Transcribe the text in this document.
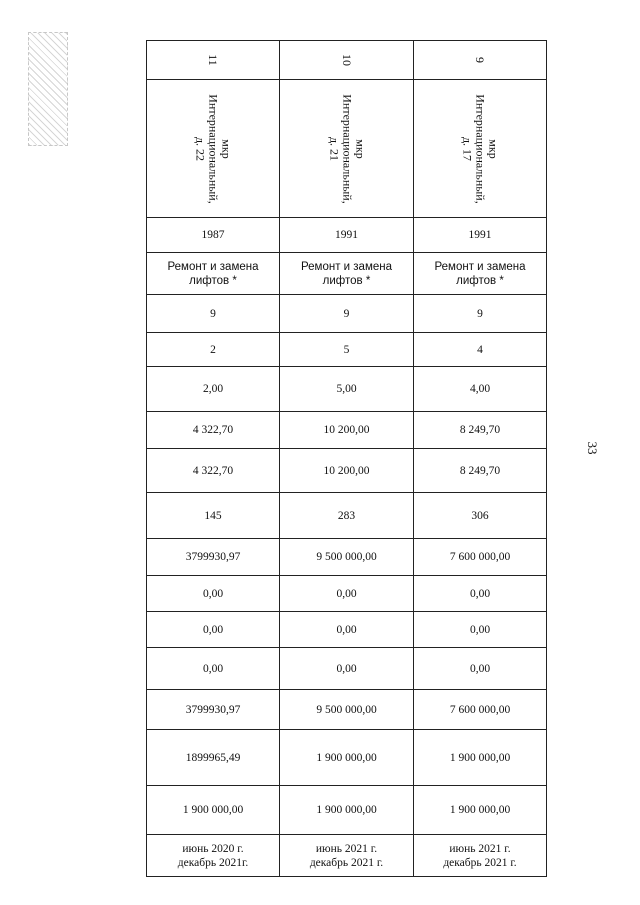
33
11	10	9

мкр
Интернациональный,
д. 22	мкр
Интернациональный,
д. 21	мкр
Интернациональный,
д. 17

1987	1991	1991
Ремонт и замена
лифтов *	Ремонт и замена
лифтов *	Ремонт и замена
лифтов *
9	9	9
2	5	4
2,00	5,00	4,00
4 322,70	10 200,00	8 249,70
4 322,70	10 200,00	8 249,70
145	283	306
3799930,97	9 500 000,00	7 600 000,00
0,00	0,00	0,00
0,00	0,00	0,00
0,00	0,00	0,00
3799930,97	9 500 000,00	7 600 000,00
1899965,49	1 900 000,00	1 900 000,00
1 900 000,00	1 900 000,00	1 900 000,00
июнь 2020 г.
декабрь 2021г.	июнь 2021 г.
декабрь 2021 г.	июнь 2021 г.
декабрь 2021 г.
